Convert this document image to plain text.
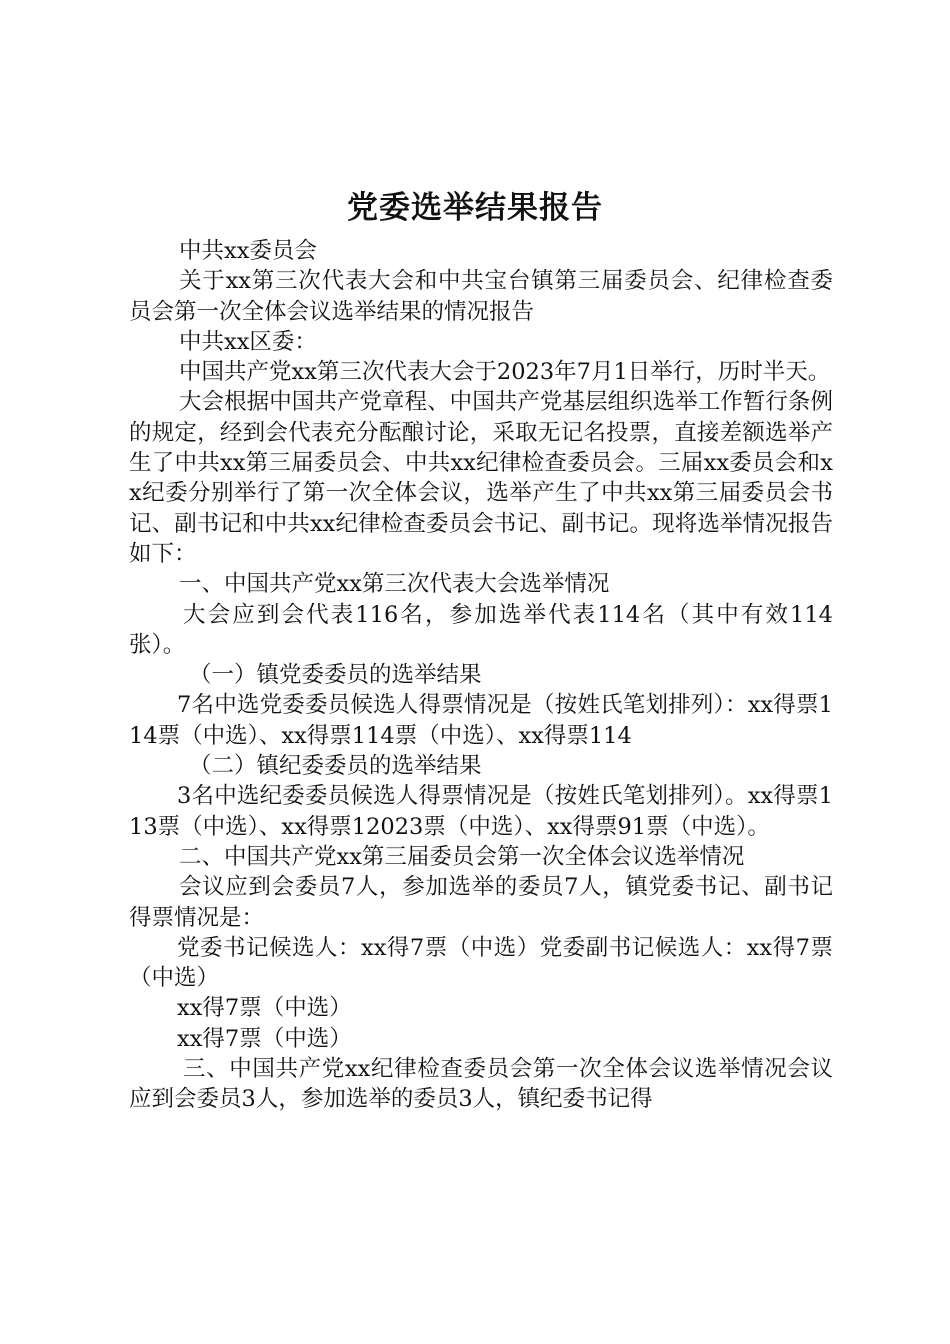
党委选举结果报告

中共xx委员会

关于xx第三次代表大会和中共宝台镇第三届委员会、纪律检查委员会第一次全体会议选举结果的情况报告

中共xx区委：

中国共产党xx第三次代表大会于2023年7月1日举行，历时半天。

大会根据中国共产党章程、中国共产党基层组织选举工作暂行条例的规定，经到会代表充分酝酿讨论，采取无记名投票，直接差额选举产生了中共xx第三届委员会、中共xx纪律检查委员会。三届xx委员会和xx纪委分别举行了第一次全体会议，选举产生了中共xx第三届委员会书记、副书记和中共xx纪律检查委员会书记、副书记。现将选举情况报告如下：

一、中国共产党xx第三次代表大会选举情况

大会应到会代表116名，参加选举代表114名（其中有效114张）。

（一）镇党委委员的选举结果

7名中选党委委员候选人得票情况是（按姓氏笔划排列）：xx得票114票（中选）、xx得票114票（中选）、xx得票114

（二）镇纪委委员的选举结果

3名中选纪委委员候选人得票情况是（按姓氏笔划排列）。xx得票113票（中选）、xx得票12023票（中选）、xx得票91票（中选）。

二、中国共产党xx第三届委员会第一次全体会议选举情况

会议应到会委员7人，参加选举的委员7人，镇党委书记、副书记得票情况是：

党委书记候选人：xx得7票（中选）党委副书记候选人：xx得7票（中选）

xx得7票（中选）

xx得7票（中选）

三、中国共产党xx纪律检查委员会第一次全体会议选举情况会议应到会委员3人，参加选举的委员3人，镇纪委书记得
